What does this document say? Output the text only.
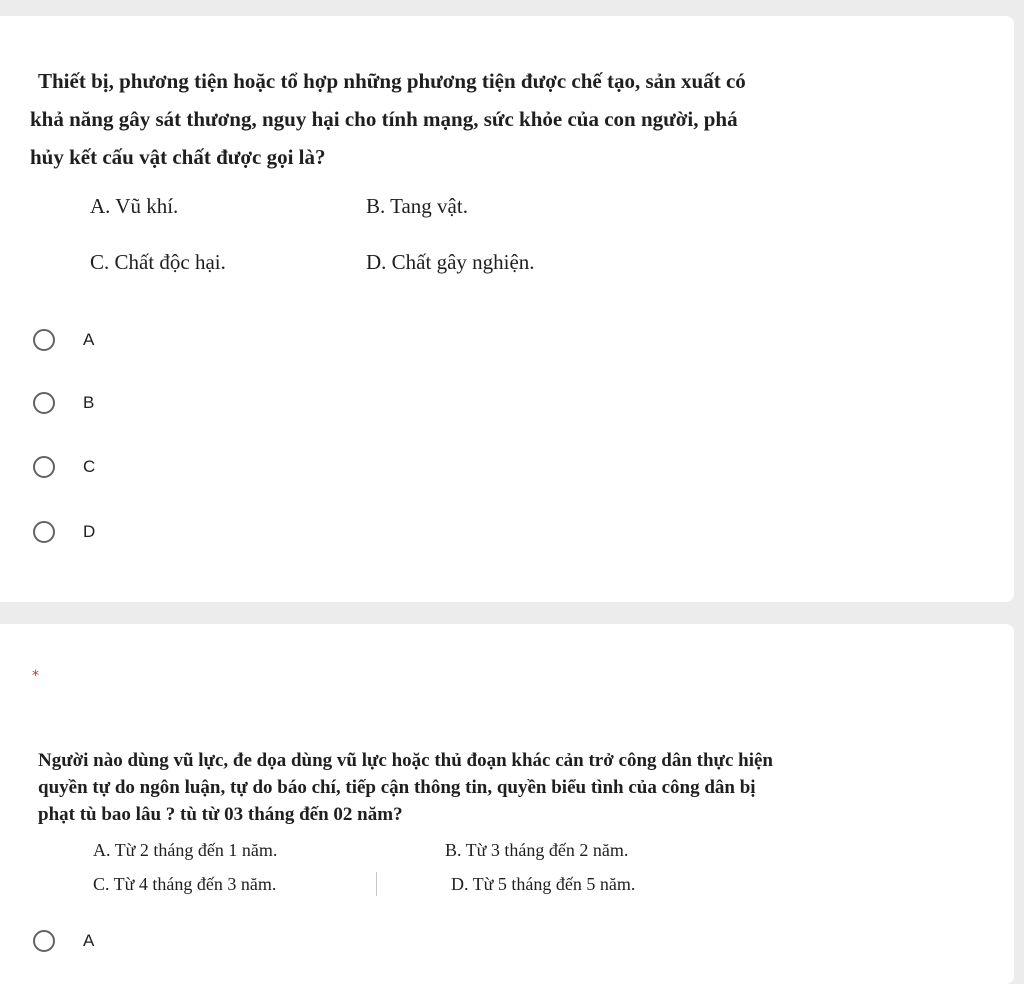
Thiết bị, phương tiện hoặc tổ hợp những phương tiện được chế tạo, sản xuất có
khả năng gây sát thương, nguy hại cho tính mạng, sức khỏe của con người, phá
hủy kết cấu vật chất được gọi là?

A. Vũ khí.	B. Tang vật.
C. Chất độc hại.	D. Chất gây nghiện.
A
B
C
D
*

Người nào dùng vũ lực, đe dọa dùng vũ lực hoặc thủ đoạn khác cản trở công dân thực hiện
quyền tự do ngôn luận, tự do báo chí, tiếp cận thông tin, quyền biểu tình của công dân bị
phạt tù bao lâu ? tù từ 03 tháng đến 02 năm?

A. Từ 2 tháng đến 1 năm.	B. Từ 3 tháng đến 2 năm.
C. Từ 4 tháng đến 3 năm.	D. Từ 5 tháng đến 5 năm.
A
